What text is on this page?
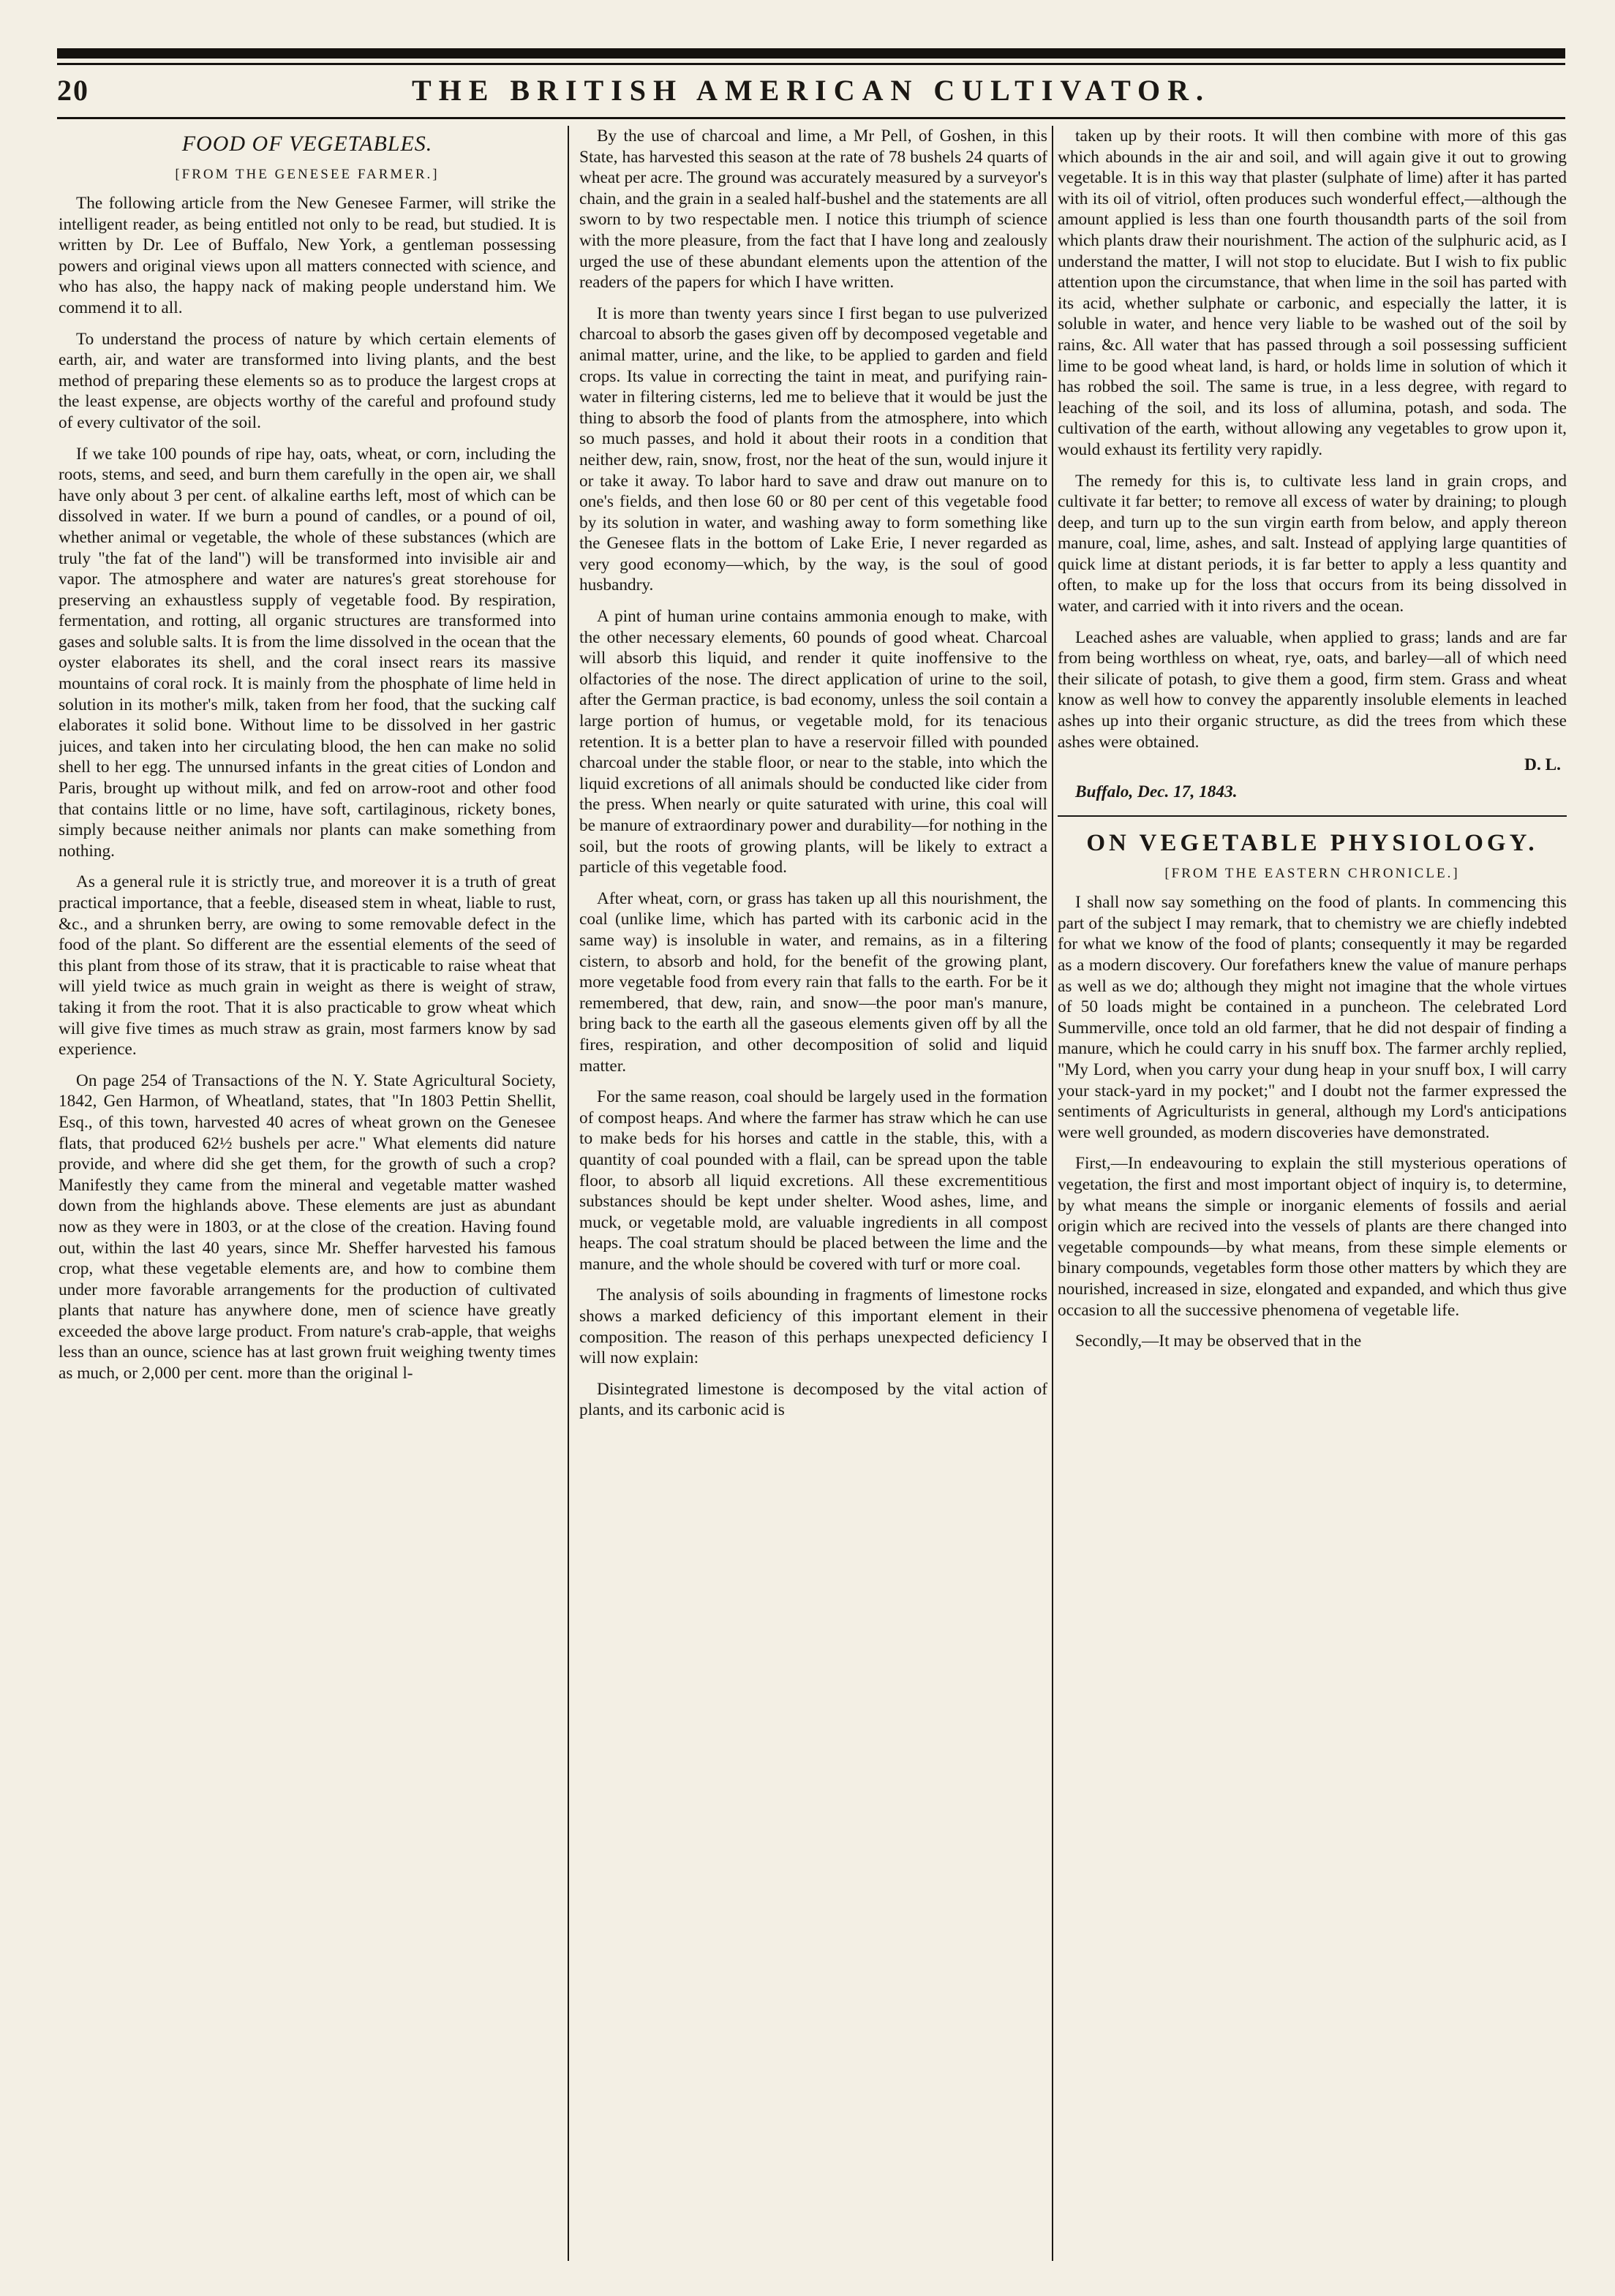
20	THE BRITISH AMERICAN CULTIVATOR.
FOOD OF VEGETABLES.
[FROM THE GENESEE FARMER.]

The following article from the New Genesee Farmer, will strike the intelligent reader, as being entitled not only to be read, but studied. It is written by Dr. Lee of Buffalo, New York, a gentleman possessing powers and original views upon all matters connected with science, and who has also, the happy nack of making people understand him. We commend it to all.

To understand the process of nature by which certain elements of earth, air, and water are transformed into living plants, and the best method of preparing these elements so as to produce the largest crops at the least expense, are objects worthy of the careful and profound study of every cultivator of the soil.

If we take 100 pounds of ripe hay, oats, wheat, or corn, including the roots, stems, and seed, and burn them carefully in the open air, we shall have only about 3 per cent. of alkaline earths left, most of which can be dissolved in water. If we burn a pound of candles, or a pound of oil, whether animal or vegetable, the whole of these substances (which are truly "the fat of the land") will be transformed into invisible air and vapor. The atmosphere and water are natures's great storehouse for preserving an exhaustless supply of vegetable food. By respiration, fermentation, and rotting, all organic structures are transformed into gases and soluble salts. It is from the lime dissolved in the ocean that the oyster elaborates its shell, and the coral insect rears its massive mountains of coral rock. It is mainly from the phosphate of lime held in solution in its mother's milk, taken from her food, that the sucking calf elaborates it solid bone. Without lime to be dissolved in her gastric juices, and taken into her circulating blood, the hen can make no solid shell to her egg. The unnursed infants in the great cities of London and Paris, brought up without milk, and fed on arrow-root and other food that contains little or no lime, have soft, cartilaginous, rickety bones, simply because neither animals nor plants can make something from nothing.

As a general rule it is strictly true, and moreover it is a truth of great practical importance, that a feeble, diseased stem in wheat, liable to rust, &c., and a shrunken berry, are owing to some removable defect in the food of the plant. So different are the essential elements of the seed of this plant from those of its straw, that it is practicable to raise wheat that will yield twice as much grain in weight as there is weight of straw, taking it from the root. That it is also practicable to grow wheat which will give five times as much straw as grain, most farmers know by sad experience.

On page 254 of Transactions of the N. Y. State Agricultural Society, 1842, Gen Harmon, of Wheatland, states, that "In 1803 Pettin Shellit, Esq., of this town, harvested 40 acres of wheat grown on the Genesee flats, that produced 62½ bushels per acre." What elements did nature provide, and where did she get them, for the growth of such a crop? Manifestly they came from the mineral and vegetable matter washed down from the highlands above. These elements are just as abundant now as they were in 1803, or at the close of the creation. Having found out, within the last 40 years, since Mr. Sheffer harvested his famous crop, what these vegetable elements are, and how to combine them under more favorable arrangements for the production of cultivated plants that nature has anywhere done, men of science have greatly exceeded the above large product. From nature's crab-apple, that weighs less than an ounce, science has at last grown fruit weighing twenty times as much, or 2,000 per cent. more than the original l-

By the use of charcoal and lime, a Mr Pell, of Goshen, in this State, has harvested this season at the rate of 78 bushels 24 quarts of wheat per acre. The ground was accurately measured by a surveyor's chain, and the grain in a sealed half-bushel and the statements are all sworn to by two respectable men. I notice this triumph of science with the more pleasure, from the fact that I have long and zealously urged the use of these abundant elements upon the attention of the readers of the papers for which I have written.

It is more than twenty years since I first began to use pulverized charcoal to absorb the gases given off by decomposed vegetable and animal matter, urine, and the like, to be applied to garden and field crops. Its value in correcting the taint in meat, and purifying rain-water in filtering cisterns, led me to believe that it would be just the thing to absorb the food of plants from the atmosphere, into which so much passes, and hold it about their roots in a condition that neither dew, rain, snow, frost, nor the heat of the sun, would injure it or take it away. To labor hard to save and draw out manure on to one's fields, and then lose 60 or 80 per cent of this vegetable food by its solution in water, and washing away to form something like the Genesee flats in the bottom of Lake Erie, I never regarded as very good economy—which, by the way, is the soul of good husbandry.

A pint of human urine contains ammonia enough to make, with the other necessary elements, 60 pounds of good wheat. Charcoal will absorb this liquid, and render it quite inoffensive to the olfactories of the nose. The direct application of urine to the soil, after the German practice, is bad economy, unless the soil contain a large portion of humus, or vegetable mold, for its tenacious retention. It is a better plan to have a reservoir filled with pounded charcoal under the stable floor, or near to the stable, into which the liquid excretions of all animals should be conducted like cider from the press. When nearly or quite saturated with urine, this coal will be manure of extraordinary power and durability—for nothing in the soil, but the roots of growing plants, will be likely to extract a particle of this vegetable food.

After wheat, corn, or grass has taken up all this nourishment, the coal (unlike lime, which has parted with its carbonic acid in the same way) is insoluble in water, and remains, as in a filtering cistern, to absorb and hold, for the benefit of the growing plant, more vegetable food from every rain that falls to the earth. For be it remembered, that dew, rain, and snow—the poor man's manure, bring back to the earth all the gaseous elements given off by all the fires, respiration, and other decomposition of solid and liquid matter.

For the same reason, coal should be largely used in the formation of compost heaps. And where the farmer has straw which he can use to make beds for his horses and cattle in the stable, this, with a quantity of coal pounded with a flail, can be spread upon the table floor, to absorb all liquid excretions. All these excrementitious substances should be kept under shelter. Wood ashes, lime, and muck, or vegetable mold, are valuable ingredients in all compost heaps. The coal stratum should be placed between the lime and the manure, and the whole should be covered with turf or more coal.

The analysis of soils abounding in fragments of limestone rocks shows a marked deficiency of this important element in their composition. The reason of this perhaps unexpected deficiency I will now explain:

Disintegrated limestone is decomposed by the vital action of plants, and its carbonic acid is

taken up by their roots. It will then combine with more of this gas which abounds in the air and soil, and will again give it out to growing vegetable. It is in this way that plaster (sulphate of lime) after it has parted with its oil of vitriol, often produces such wonderful effect,—although the amount applied is less than one fourth thousandth parts of the soil from which plants draw their nourishment. The action of the sulphuric acid, as I understand the matter, I will not stop to elucidate. But I wish to fix public attention upon the circumstance, that when lime in the soil has parted with its acid, whether sulphate or carbonic, and especially the latter, it is soluble in water, and hence very liable to be washed out of the soil by rains, &c. All water that has passed through a soil possessing sufficient lime to be good wheat land, is hard, or holds lime in solution of which it has robbed the soil. The same is true, in a less degree, with regard to leaching of the soil, and its loss of allumina, potash, and soda. The cultivation of the earth, without allowing any vegetables to grow upon it, would exhaust its fertility very rapidly.

The remedy for this is, to cultivate less land in grain crops, and cultivate it far better; to remove all excess of water by draining; to plough deep, and turn up to the sun virgin earth from below, and apply thereon manure, coal, lime, ashes, and salt. Instead of applying large quantities of quick lime at distant periods, it is far better to apply a less quantity and often, to make up for the loss that occurs from its being dissolved in water, and carried with it into rivers and the ocean.

Leached ashes are valuable, when applied to grass; lands and are far from being worthless on wheat, rye, oats, and barley—all of which need their silicate of potash, to give them a good, firm stem. Grass and wheat know as well how to convey the apparently insoluble elements in leached ashes up into their organic structure, as did the trees from which these ashes were obtained.

D. L.
Buffalo, Dec. 17, 1843.
ON VEGETABLE PHYSIOLOGY.
[FROM THE EASTERN CHRONICLE.]

I shall now say something on the food of plants. In commencing this part of the subject I may remark, that to chemistry we are chiefly indebted for what we know of the food of plants; consequently it may be regarded as a modern discovery. Our forefathers knew the value of manure perhaps as well as we do; although they might not imagine that the whole virtues of 50 loads might be contained in a puncheon. The celebrated Lord Summerville, once told an old farmer, that he did not despair of finding a manure, which he could carry in his snuff box. The farmer archly replied, "My Lord, when you carry your dung heap in your snuff box, I will carry your stack-yard in my pocket;" and I doubt not the farmer expressed the sentiments of Agriculturists in general, although my Lord's anticipations were well grounded, as modern discoveries have demonstrated.

First,—In endeavouring to explain the still mysterious operations of vegetation, the first and most important object of inquiry is, to determine, by what means the simple or inorganic elements of fossils and aerial origin which are recived into the vessels of plants are there changed into vegetable compounds—by what means, from these simple elements or binary compounds, vegetables form those other matters by which they are nourished, increased in size, elongated and expanded, and which thus give occasion to all the successive phenomena of vegetable life.

Secondly,—It may be observed that in the
